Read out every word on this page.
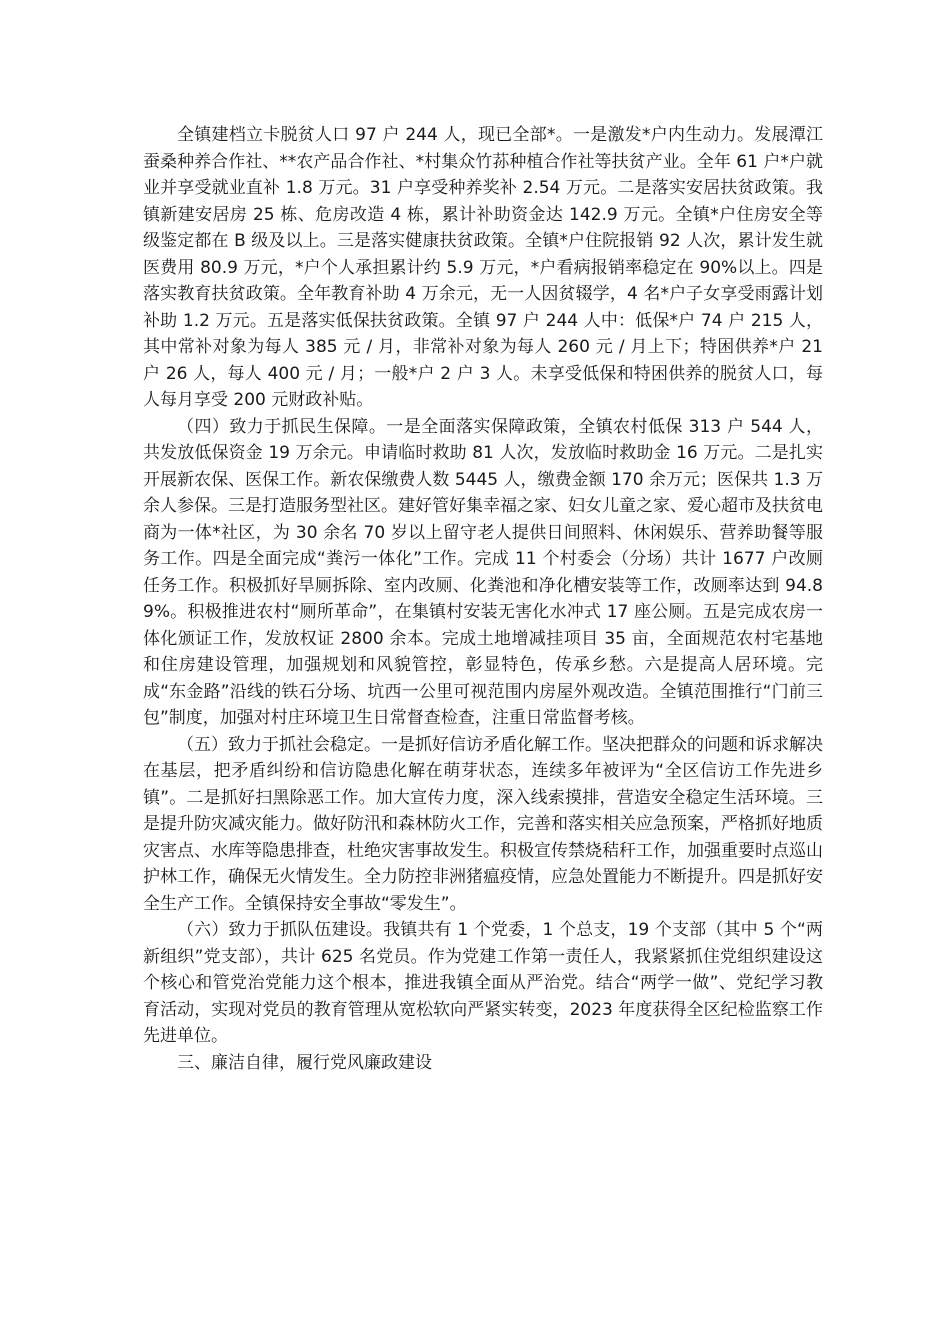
全镇建档立卡脱贫人口 97 户 244 人，现已全部*。一是激发*户内生动力。发展潭江蚕桑种养合作社、**农产品合作社、*村集众竹荪种植合作社等扶贫产业。全年 61 户*户就业并享受就业直补 1.8 万元。31 户享受种养奖补 2.54 万元。二是落实安居扶贫政策。我镇新建安居房 25 栋、危房改造 4 栋，累计补助资金达 142.9 万元。全镇*户住房安全等级鉴定都在 B 级及以上。三是落实健康扶贫政策。全镇*户住院报销 92 人次，累计发生就医费用 80.9 万元，*户个人承担累计约 5.9 万元，*户看病报销率稳定在 90%以上。四是落实教育扶贫政策。全年教育补助 4 万余元，无一人因贫辍学，4 名*户子女享受雨露计划补助 1.2 万元。五是落实低保扶贫政策。全镇 97 户 244 人中：低保*户 74 户 215 人，其中常补对象为每人 385 元 / 月，非常补对象为每人 260 元 / 月上下；特困供养*户 21 户 26 人，每人 400 元 / 月；一般*户 2 户 3 人。未享受低保和特困供养的脱贫人口，每人每月享受 200 元财政补贴。

（四）致力于抓民生保障。一是全面落实保障政策，全镇农村低保 313 户 544 人，共发放低保资金 19 万余元。申请临时救助 81 人次，发放临时救助金 16 万元。二是扎实开展新农保、医保工作。新农保缴费人数 5445 人，缴费金额 170 余万元；医保共 1.3 万余人参保。三是打造服务型社区。建好管好集幸福之家、妇女儿童之家、爱心超市及扶贫电商为一体*社区，为 30 余名 70 岁以上留守老人提供日间照料、休闲娱乐、营养助餐等服务工作。四是全面完成“粪污一体化”工作。完成 11 个村委会（分场）共计 1677 户改厕任务工作。积极抓好旱厕拆除、室内改厕、化粪池和净化槽安装等工作，改厕率达到 94.89%。积极推进农村“厕所革命”，在集镇村安装无害化水冲式 17 座公厕。五是完成农房一体化颁证工作，发放权证 2800 余本。完成土地增减挂项目 35 亩，全面规范农村宅基地和住房建设管理，加强规划和风貌管控，彰显特色，传承乡愁。六是提高人居环境。完成“东金路”沿线的铁石分场、坑西一公里可视范围内房屋外观改造。全镇范围推行“门前三包”制度，加强对村庄环境卫生日常督查检查，注重日常监督考核。

（五）致力于抓社会稳定。一是抓好信访矛盾化解工作。坚决把群众的问题和诉求解决在基层，把矛盾纠纷和信访隐患化解在萌芽状态，连续多年被评为“全区信访工作先进乡镇”。二是抓好扫黑除恶工作。加大宣传力度，深入线索摸排，营造安全稳定生活环境。三是提升防灾减灾能力。做好防汛和森林防火工作，完善和落实相关应急预案，严格抓好地质灾害点、水库等隐患排查，杜绝灾害事故发生。积极宣传禁烧秸秆工作，加强重要时点巡山护林工作，确保无火情发生。全力防控非洲猪瘟疫情，应急处置能力不断提升。四是抓好安全生产工作。全镇保持安全事故“零发生”。

（六）致力于抓队伍建设。我镇共有 1 个党委，1 个总支，19 个支部（其中 5 个“两新组织”党支部），共计 625 名党员。作为党建工作第一责任人，我紧紧抓住党组织建设这个核心和管党治党能力这个根本，推进我镇全面从严治党。结合“两学一做”、党纪学习教育活动，实现对党员的教育管理从宽松软向严紧实转变，2023 年度获得全区纪检监察工作先进单位。

三、廉洁自律，履行党风廉政建设
